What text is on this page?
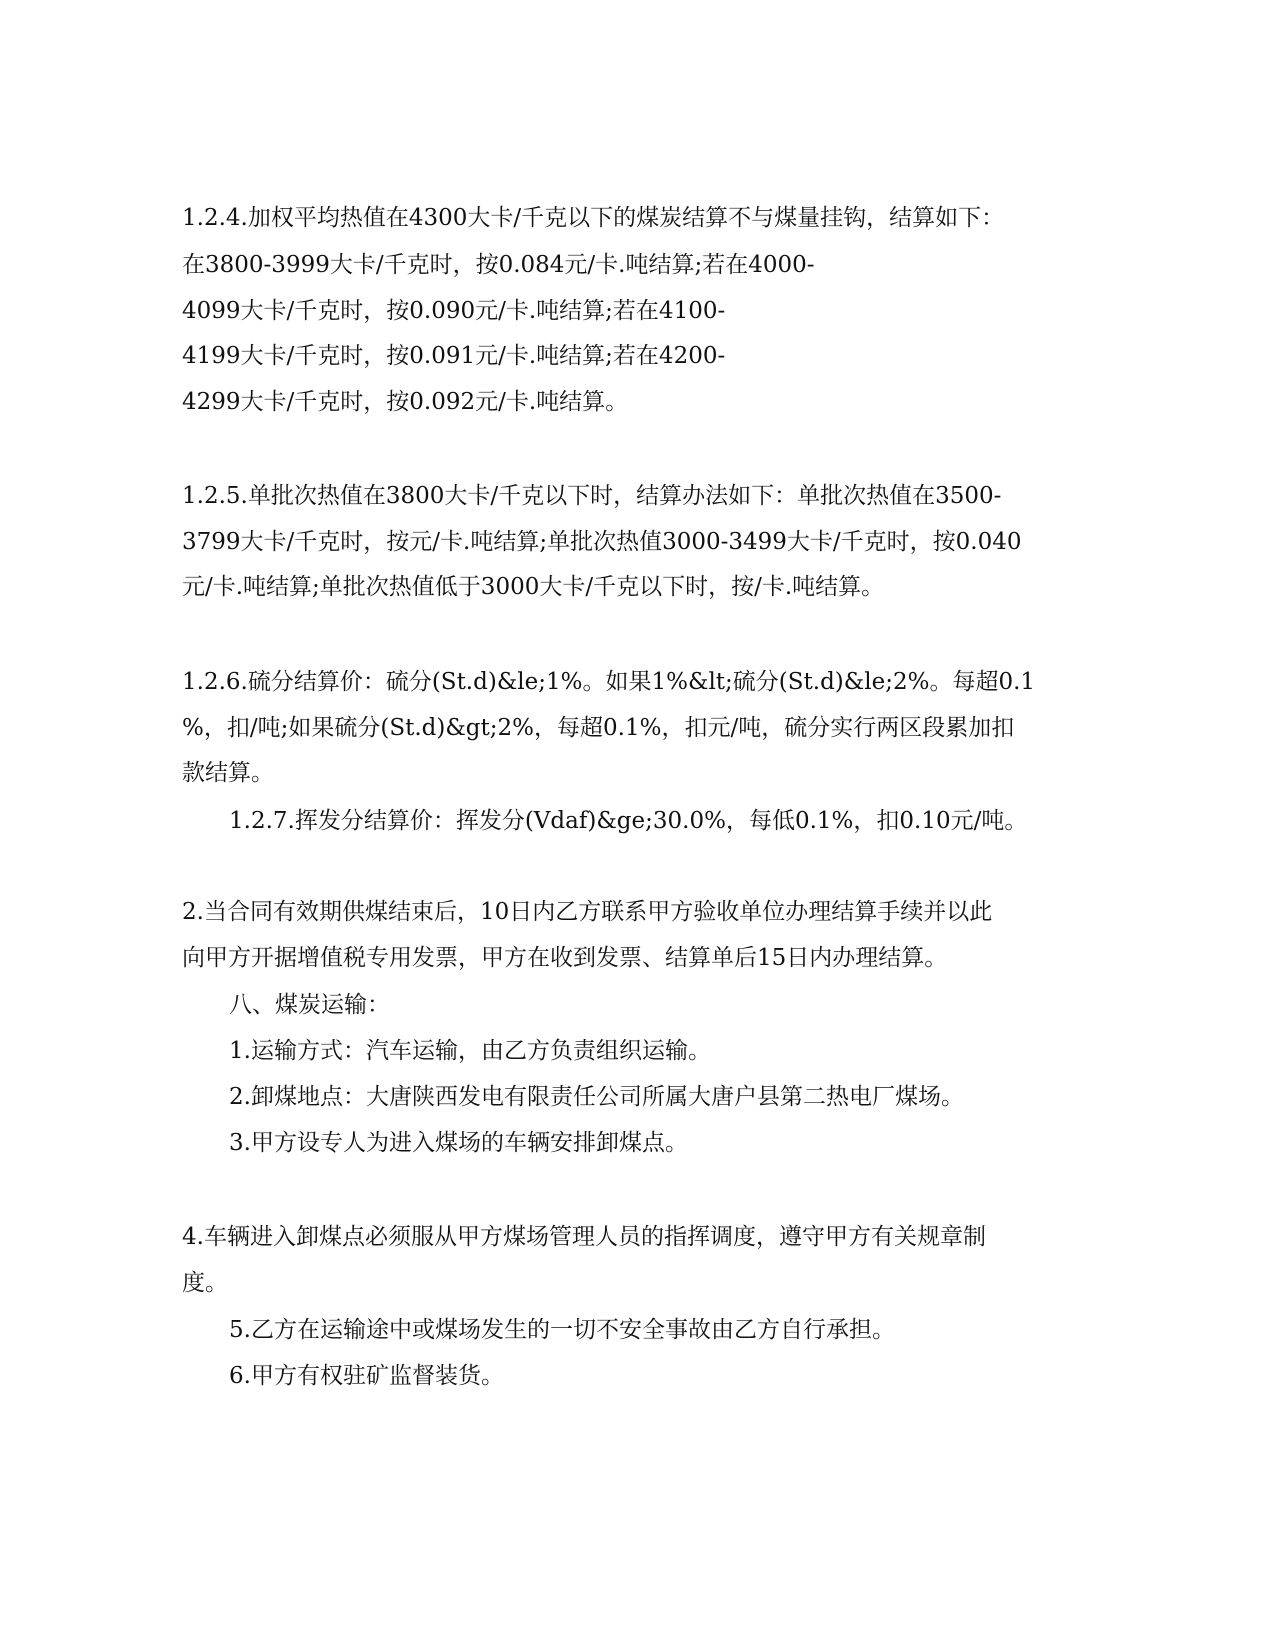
1.2.4.加权平均热值在4300大卡/千克以下的煤炭结算不与煤量挂钩，结算如下：
在3800-3999大卡/千克时，按0.084元/卡.吨结算;若在4000-
4099大卡/千克时，按0.090元/卡.吨结算;若在4100-
4199大卡/千克时，按0.091元/卡.吨结算;若在4200-
4299大卡/千克时，按0.092元/卡.吨结算。
1.2.5.单批次热值在3800大卡/千克以下时，结算办法如下：单批次热值在3500-
3799大卡/千克时，按元/卡.吨结算;单批次热值3000-3499大卡/千克时，按0.040
元/卡.吨结算;单批次热值低于3000大卡/千克以下时，按/卡.吨结算。
1.2.6.硫分结算价：硫分(St.d)&le;1%。如果1%&lt;硫分(St.d)&le;2%。每超0.1
%，扣/吨;如果硫分(St.d)&gt;2%，每超0.1%，扣元/吨，硫分实行两区段累加扣
款结算。
1.2.7.挥发分结算价：挥发分(Vdaf)&ge;30.0%，每低0.1%，扣0.10元/吨。
2.当合同有效期供煤结束后，10日内乙方联系甲方验收单位办理结算手续并以此
向甲方开据增值税专用发票，甲方在收到发票、结算单后15日内办理结算。
八、煤炭运输：
1.运输方式：汽车运输，由乙方负责组织运输。
2.卸煤地点：大唐陕西发电有限责任公司所属大唐户县第二热电厂煤场。
3.甲方设专人为进入煤场的车辆安排卸煤点。
4.车辆进入卸煤点必须服从甲方煤场管理人员的指挥调度，遵守甲方有关规章制
度。
5.乙方在运输途中或煤场发生的一切不安全事故由乙方自行承担。
6.甲方有权驻矿监督装货。
